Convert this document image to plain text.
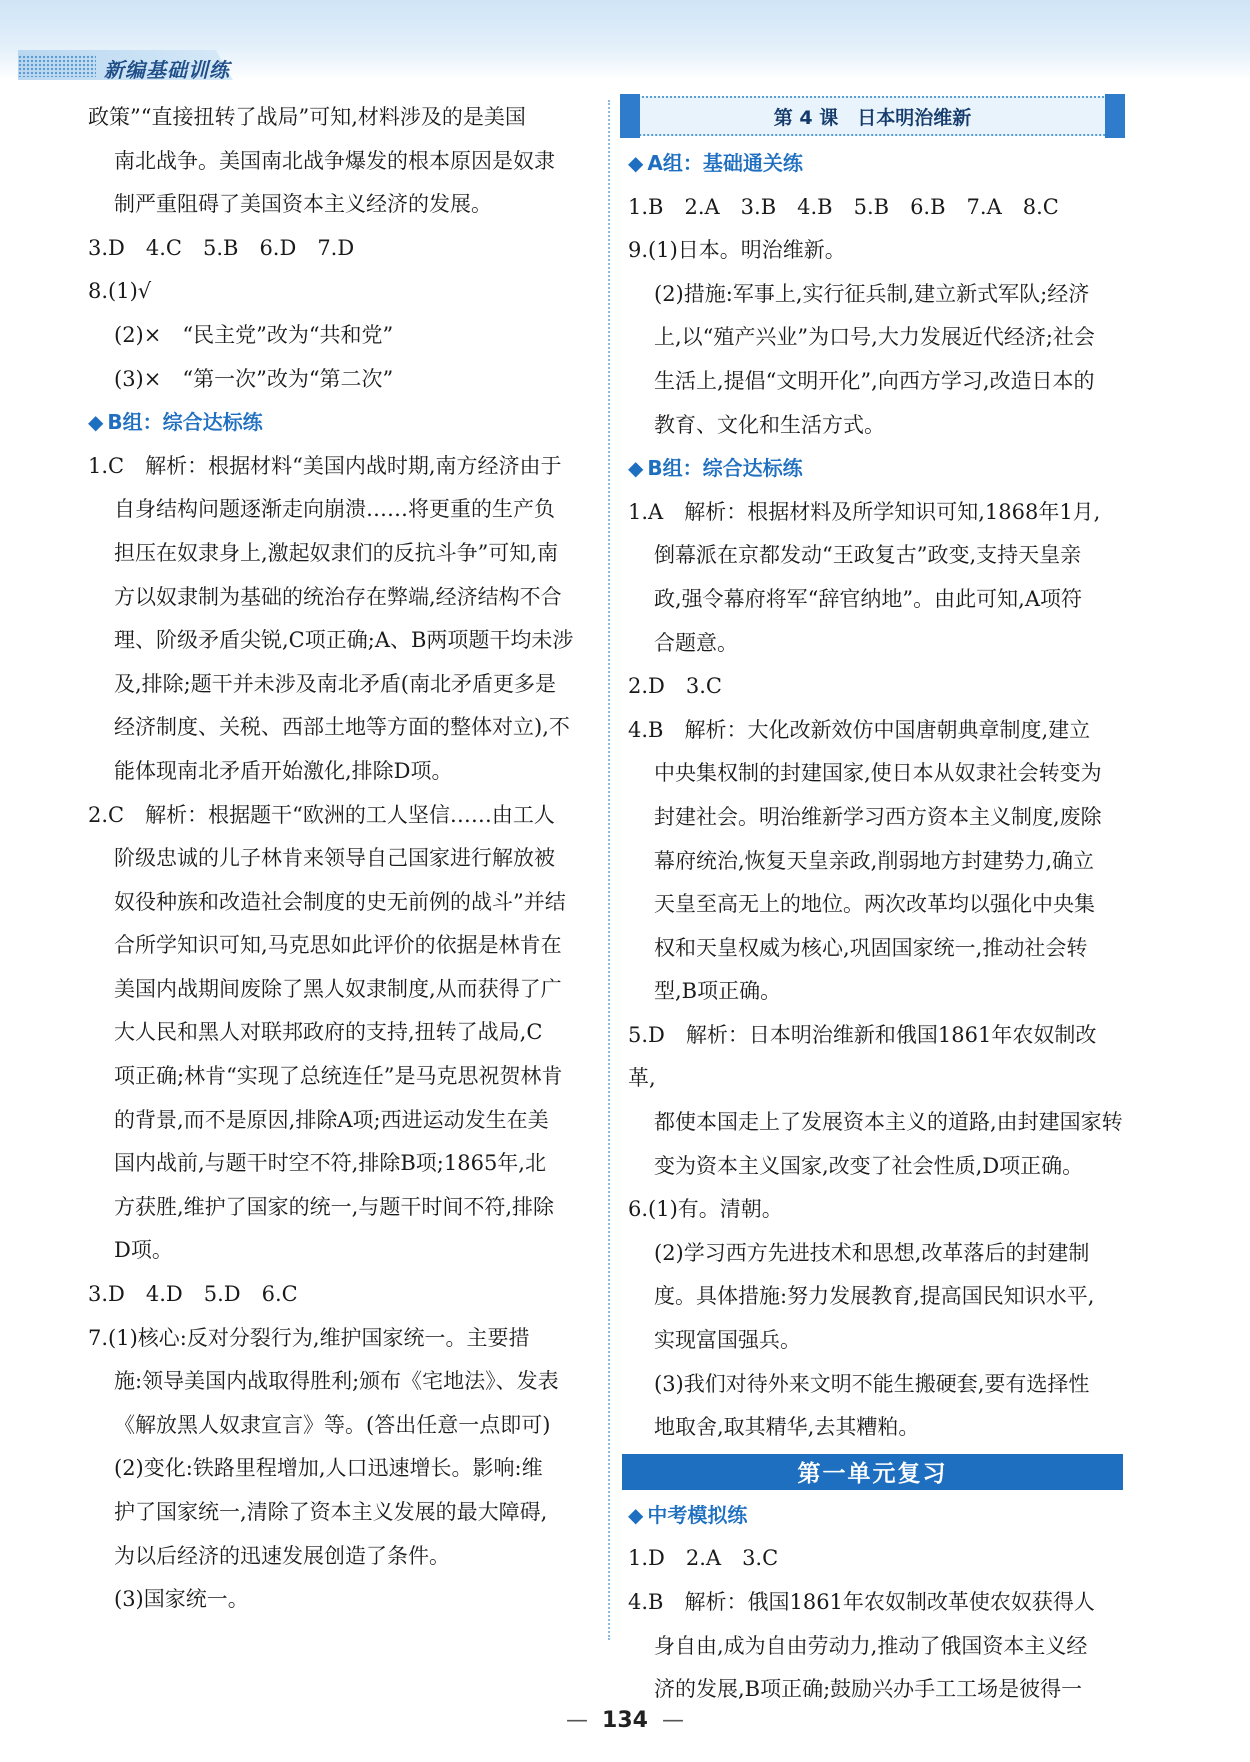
新编基础训练

政策”“直接扭转了战局”可知,材料涉及的是美国

南北战争。美国南北战争爆发的根本原因是奴隶

制严重阻碍了美国资本主义经济的发展。

3.D　4.C　5.B　6.D　7.D

8.(1)√

(2)×　“民主党”改为“共和党”

(3)×　“第一次”改为“第二次”

◆ B组：综合达标练

1.C　解析：根据材料“美国内战时期,南方经济由于

自身结构问题逐渐走向崩溃……将更重的生产负

担压在奴隶身上,激起奴隶们的反抗斗争”可知,南

方以奴隶制为基础的统治存在弊端,经济结构不合

理、阶级矛盾尖锐,C项正确;A、B两项题干均未涉

及,排除;题干并未涉及南北矛盾(南北矛盾更多是

经济制度、关税、西部土地等方面的整体对立),不

能体现南北矛盾开始激化,排除D项。

2.C　解析：根据题干“欧洲的工人坚信……由工人

阶级忠诚的儿子林肯来领导自己国家进行解放被

奴役种族和改造社会制度的史无前例的战斗”并结

合所学知识可知,马克思如此评价的依据是林肯在

美国内战期间废除了黑人奴隶制度,从而获得了广

大人民和黑人对联邦政府的支持,扭转了战局,C

项正确;林肯“实现了总统连任”是马克思祝贺林肯

的背景,而不是原因,排除A项;西进运动发生在美

国内战前,与题干时空不符,排除B项;1865年,北

方获胜,维护了国家的统一,与题干时间不符,排除

D项。

3.D　4.D　5.D　6.C

7.(1)核心:反对分裂行为,维护国家统一。主要措

施:领导美国内战取得胜利;颁布《宅地法》、发表

《解放黑人奴隶宣言》等。(答出任意一点即可)

(2)变化:铁路里程增加,人口迅速增长。影响:维

护了国家统一,清除了资本主义发展的最大障碍,

为以后经济的迅速发展创造了条件。

(3)国家统一。

第 4 课　日本明治维新
◆ A组：基础通关练

1.B　2.A　3.B　4.B　5.B　6.B　7.A　8.C

9.(1)日本。明治维新。

(2)措施:军事上,实行征兵制,建立新式军队;经济

上,以“殖产兴业”为口号,大力发展近代经济;社会

生活上,提倡“文明开化”,向西方学习,改造日本的

教育、文化和生活方式。

◆ B组：综合达标练

1.A　解析：根据材料及所学知识可知,1868年1月,

倒幕派在京都发动“王政复古”政变,支持天皇亲

政,强令幕府将军“辞官纳地”。由此可知,A项符

合题意。

2.D　3.C

4.B　解析：大化改新效仿中国唐朝典章制度,建立

中央集权制的封建国家,使日本从奴隶社会转变为

封建社会。明治维新学习西方资本主义制度,废除

幕府统治,恢复天皇亲政,削弱地方封建势力,确立

天皇至高无上的地位。两次改革均以强化中央集

权和天皇权威为核心,巩固国家统一,推动社会转

型,B项正确。

5.D　解析：日本明治维新和俄国1861年农奴制改革,

都使本国走上了发展资本主义的道路,由封建国家转

变为资本主义国家,改变了社会性质,D项正确。

6.(1)有。清朝。

(2)学习西方先进技术和思想,改革落后的封建制

度。具体措施:努力发展教育,提高国民知识水平,

实现富国强兵。

(3)我们对待外来文明不能生搬硬套,要有选择性

地取舍,取其精华,去其糟粕。

第一单元复习
◆ 中考模拟练

1.D　2.A　3.C

4.B　解析：俄国1861年农奴制改革使农奴获得人

身自由,成为自由劳动力,推动了俄国资本主义经

济的发展,B项正确;鼓励兴办手工工场是彼得一

— 134 —
